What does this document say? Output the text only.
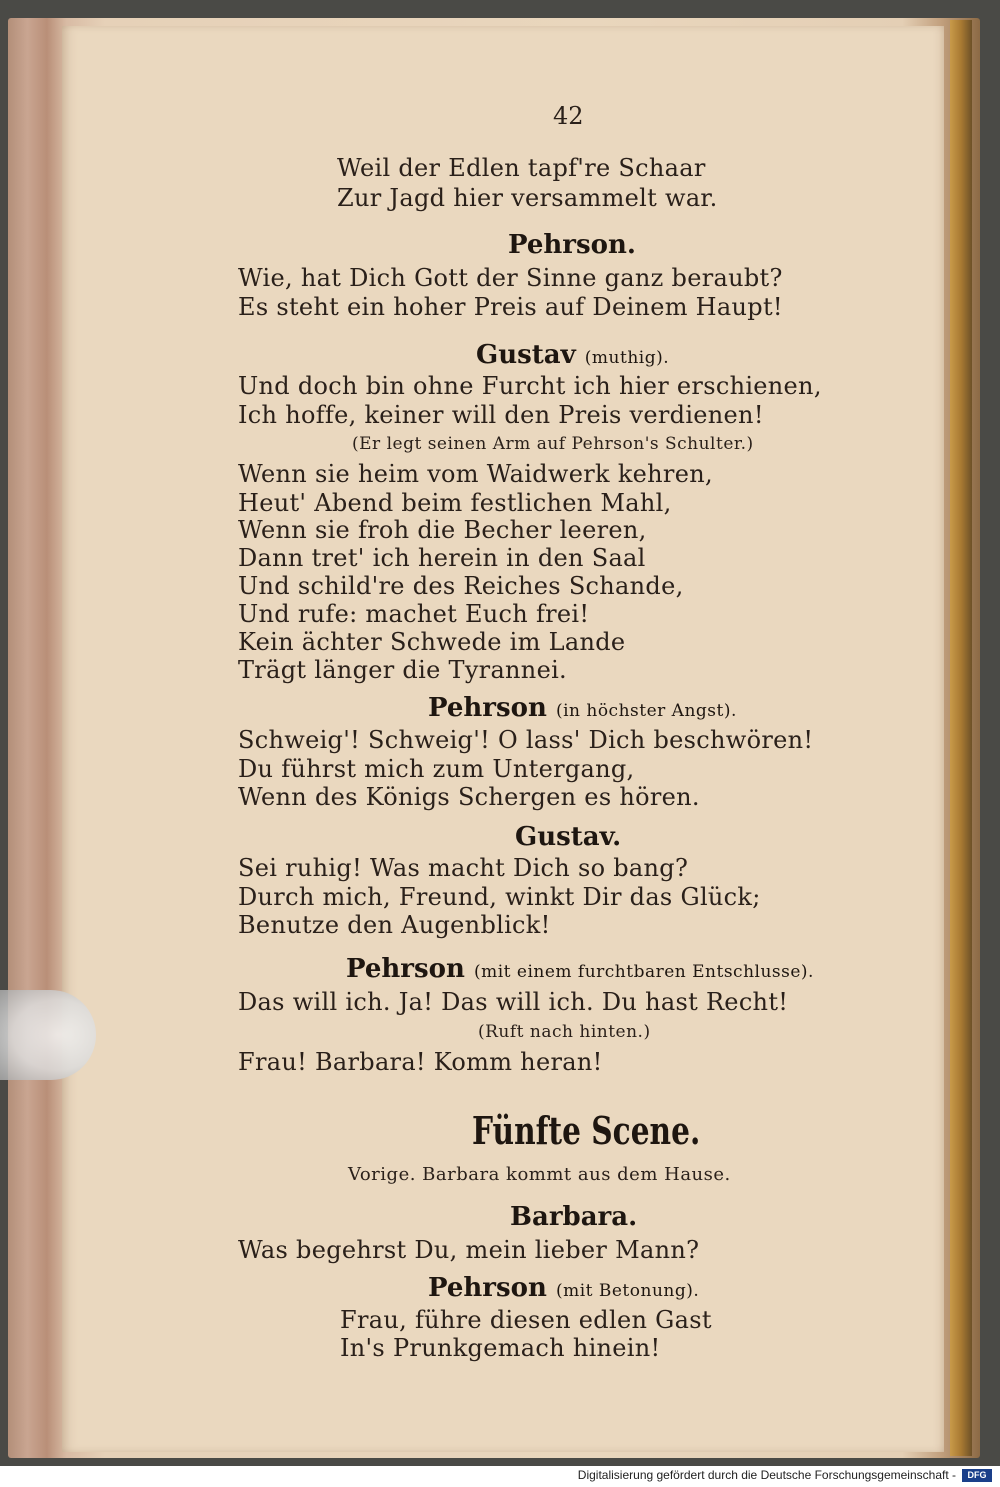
42
Weil der Edlen tapf're Schaar
Zur Jagd hier versammelt war.
Pehrson.
Wie, hat Dich Gott der Sinne ganz beraubt?
Es steht ein hoher Preis auf Deinem Haupt!
Gustav (muthig).
Und doch bin ohne Furcht ich hier erschienen,
Ich hoffe, keiner will den Preis verdienen!
(Er legt seinen Arm auf Pehrson's Schulter.)
Wenn sie heim vom Waidwerk kehren,
Heut' Abend beim festlichen Mahl,
Wenn sie froh die Becher leeren,
Dann tret' ich herein in den Saal
Und schild're des Reiches Schande,
Und rufe: machet Euch frei!
Kein ächter Schwede im Lande
Trägt länger die Tyrannei.
Pehrson (in höchster Angst).
Schweig'! Schweig'! O lass' Dich beschwören!
Du führst mich zum Untergang,
Wenn des Königs Schergen es hören.
Gustav.
Sei ruhig! Was macht Dich so bang?
Durch mich, Freund, winkt Dir das Glück;
Benutze den Augenblick!
Pehrson (mit einem furchtbaren Entschlusse).
Das will ich. Ja! Das will ich. Du hast Recht!
(Ruft nach hinten.)
Frau! Barbara! Komm heran!
Fünfte Scene.
Vorige. Barbara kommt aus dem Hause.
Barbara.
Was begehrst Du, mein lieber Mann?
Pehrson (mit Betonung).
Frau, führe diesen edlen Gast
In's Prunkgemach hinein!
Digitalisierung gefördert durch die Deutsche Forschungsgemeinschaft -	DFG
